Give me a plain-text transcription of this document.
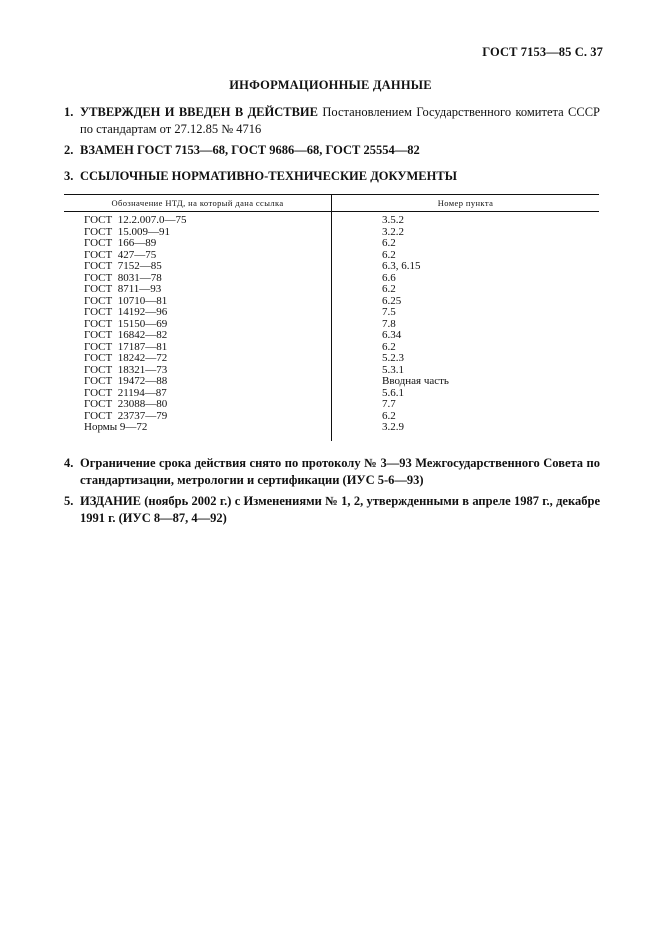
ГОСТ 7153—85 С. 37
ИНФОРМАЦИОННЫЕ ДАННЫЕ
1. УТВЕРЖДЕН И ВВЕДЕН В ДЕЙСТВИЕ Постановлением Государственного комитета СССР по стандартам от 27.12.85 № 4716
2. ВЗАМЕН ГОСТ 7153—68, ГОСТ 9686—68, ГОСТ 25554—82
3. ССЫЛОЧНЫЕ НОРМАТИВНО-ТЕХНИЧЕСКИЕ ДОКУМЕНТЫ
Обозначение НТД, на который дана ссылка	Номер пункта
ГОСТ  12.2.007.0—75	3.5.2
ГОСТ  15.009—91	3.2.2
ГОСТ  166—89	6.2
ГОСТ  427—75	6.2
ГОСТ  7152—85	6.3, 6.15
ГОСТ  8031—78	6.6
ГОСТ  8711—93	6.2
ГОСТ  10710—81	6.25
ГОСТ  14192—96	7.5
ГОСТ  15150—69	7.8
ГОСТ  16842—82	6.34
ГОСТ  17187—81	6.2
ГОСТ  18242—72	5.2.3
ГОСТ  18321—73	5.3.1
ГОСТ  19472—88	Вводная часть
ГОСТ  21194—87	5.6.1
ГОСТ  23088—80	7.7
ГОСТ  23737—79	6.2
Нормы 9—72	3.2.9
4. Ограничение срока действия снято по протоколу № 3—93 Межгосударственного Совета по стандартизации, метрологии и сертификации (ИУС 5-6—93)
5. ИЗДАНИЕ (ноябрь 2002 г.) с Изменениями № 1, 2, утвержденными в апреле 1987 г., декабре 1991 г. (ИУС 8—87, 4—92)
